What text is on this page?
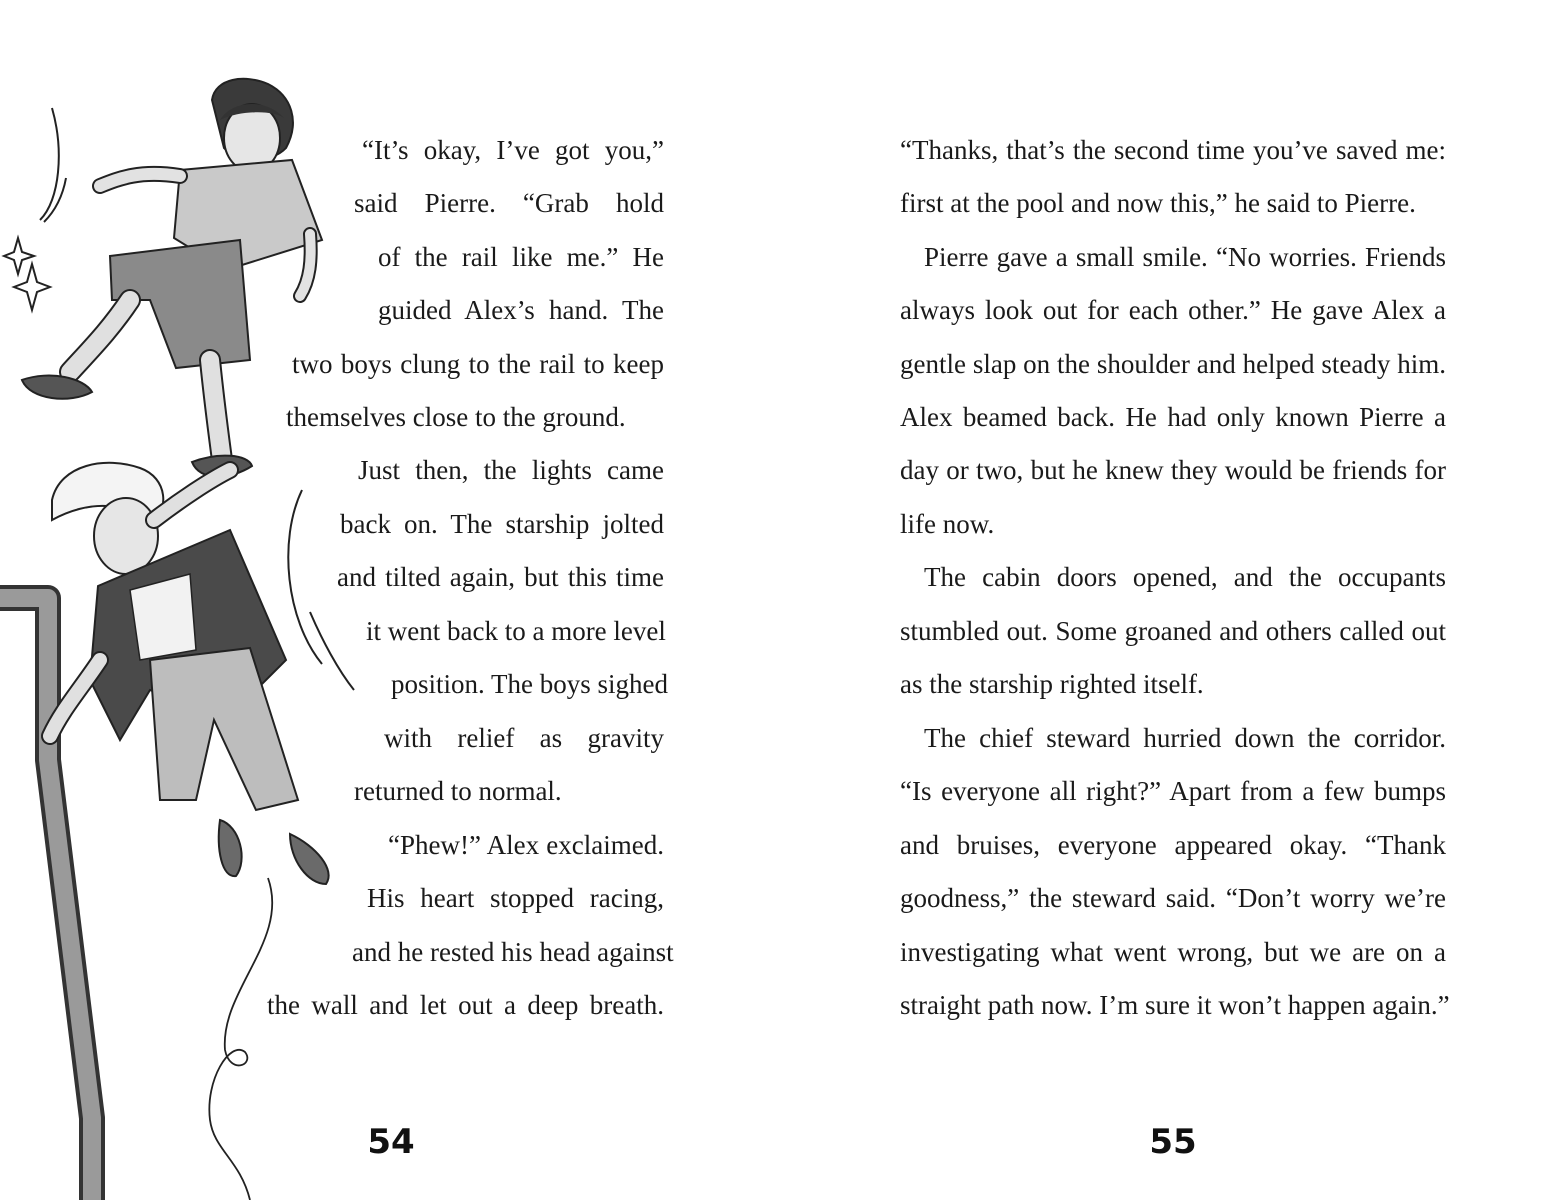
“It’s okay, I’ve got you,”
said Pierre. “Grab hold
of the rail like me.” He
guided Alex’s hand. The
two boys clung to the rail to keep
themselves close to the ground.
Just then, the lights came
back on. The starship jolted
and tilted again, but this time
it went back to a more level
position. The boys sighed
with relief as gravity
returned to normal.
“Phew!” Alex exclaimed.
His heart stopped racing,
and he rested his head against
the wall and let out a deep breath.
54
“Thanks, that’s the second time you’ve saved me:
first at the pool and now this,” he said to Pierre.
Pierre gave a small smile. “No worries. Friends
always look out for each other.” He gave Alex a
gentle slap on the shoulder and helped steady him.
Alex beamed back. He had only known Pierre a
day or two, but he knew they would be friends for
life now.
The cabin doors opened, and the occupants
stumbled out. Some groaned and others called out
as the starship righted itself.
The chief steward hurried down the corridor.
“Is everyone all right?” Apart from a few bumps
and bruises, everyone appeared okay. “Thank
goodness,” the steward said. “Don’t worry we’re
investigating what went wrong, but we are on a
straight path now. I’m sure it won’t happen again.”
55
